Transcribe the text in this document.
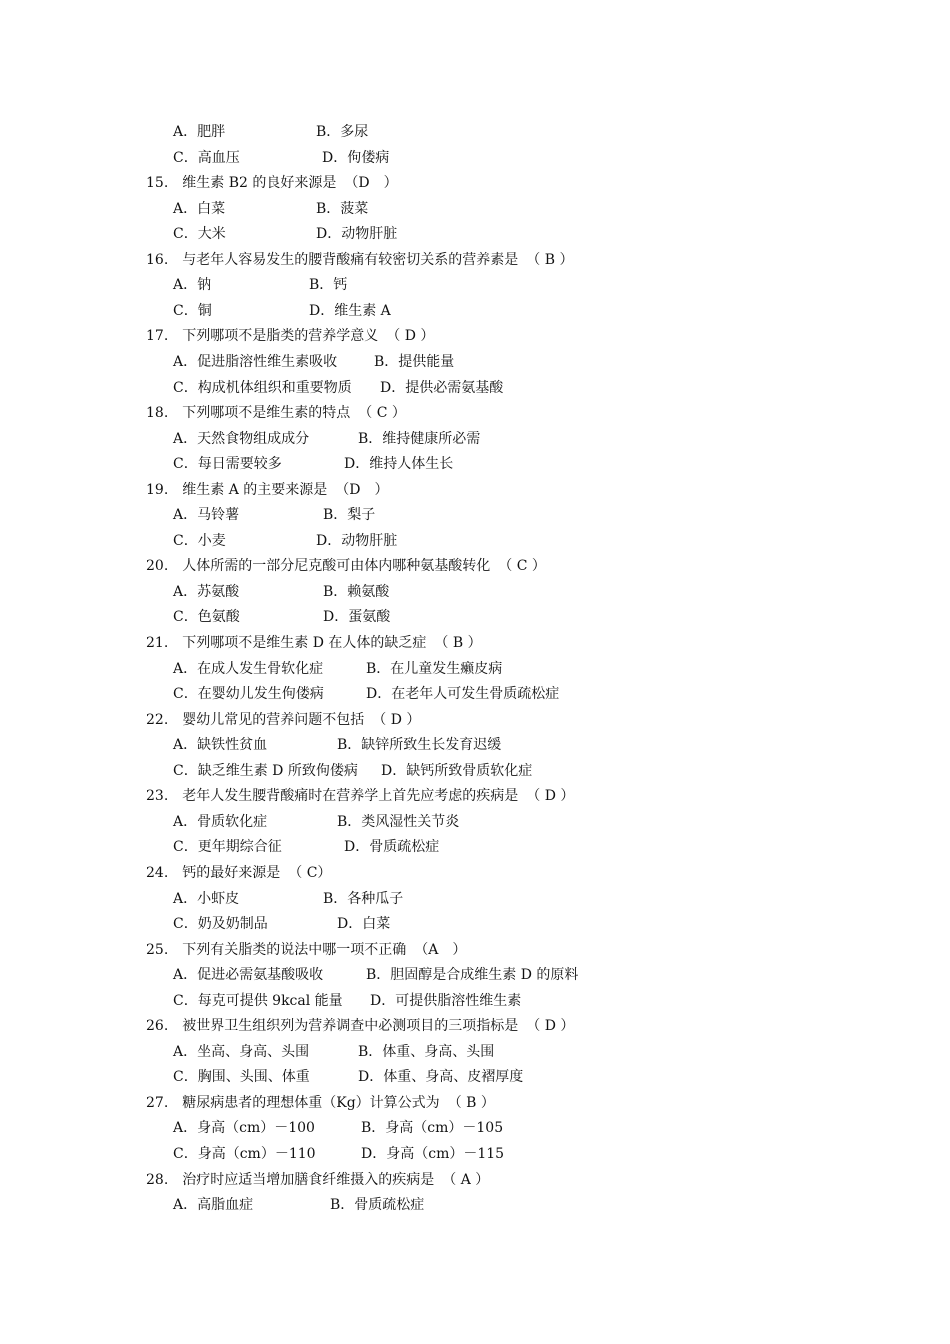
A．肥胖	B．多尿
C．高血压	D．佝偻病
15. 维生素 B2 的良好来源是 （D　）
A．白菜	B．菠菜
C．大米	D．动物肝脏
16. 与老年人容易发生的腰背酸痛有较密切关系的营养素是 （ B ）
A．钠	B．钙
C．铜	D．维生素 A
17. 下列哪项不是脂类的营养学意义 （ D ）
A．促进脂溶性维生素吸收	B．提供能量
C．构成机体组织和重要物质 D．提供必需氨基酸
18. 下列哪项不是维生素的特点 （ C ）
A．天然食物组成成分	B．维持健康所必需
C．每日需要较多	D．维持人体生长
19. 维生素 A 的主要来源是 （D　）
A．马铃薯	B．梨子
C．小麦	D．动物肝脏
20. 人体所需的一部分尼克酸可由体内哪种氨基酸转化 （ C ）
A．苏氨酸	B．赖氨酸
C．色氨酸	D．蛋氨酸
21. 下列哪项不是维生素 D 在人体的缺乏症 （ B ）
A．在成人发生骨软化症	B．在儿童发生癞皮病
C．在婴幼儿发生佝偻病	D．在老年人可发生骨质疏松症
22. 婴幼儿常见的营养问题不包括 （ D ）
A．缺铁性贫血	B．缺锌所致生长发育迟缓
C．缺乏维生素 D 所致佝偻病 D．缺钙所致骨质软化症
23. 老年人发生腰背酸痛时在营养学上首先应考虑的疾病是 （ D ）
A．骨质软化症	B．类风湿性关节炎
C．更年期综合征	D．骨质疏松症
24. 钙的最好来源是 （ C）
A．小虾皮	B．各种瓜子
C．奶及奶制品	D．白菜
25. 下列有关脂类的说法中哪一项不正确 （A　）
A．促进必需氨基酸吸收	B．胆固醇是合成维生素 D 的原料
C．每克可提供 9kcal 能量 D．可提供脂溶性维生素
26. 被世界卫生组织列为营养调查中必测项目的三项指标是 （ D ）
A．坐高、身高、头围	B．体重、身高、头围
C．胸围、头围、体重	D．体重、身高、皮褶厚度
27. 糖尿病患者的理想体重（Kg）计算公式为 （ B ）
A．身高（cm）－100	B．身高（cm）－105
C．身高（cm）－110	D．身高（cm）－115
28. 治疗时应适当增加膳食纤维摄入的疾病是 （ A ）
A．高脂血症	B．骨质疏松症
